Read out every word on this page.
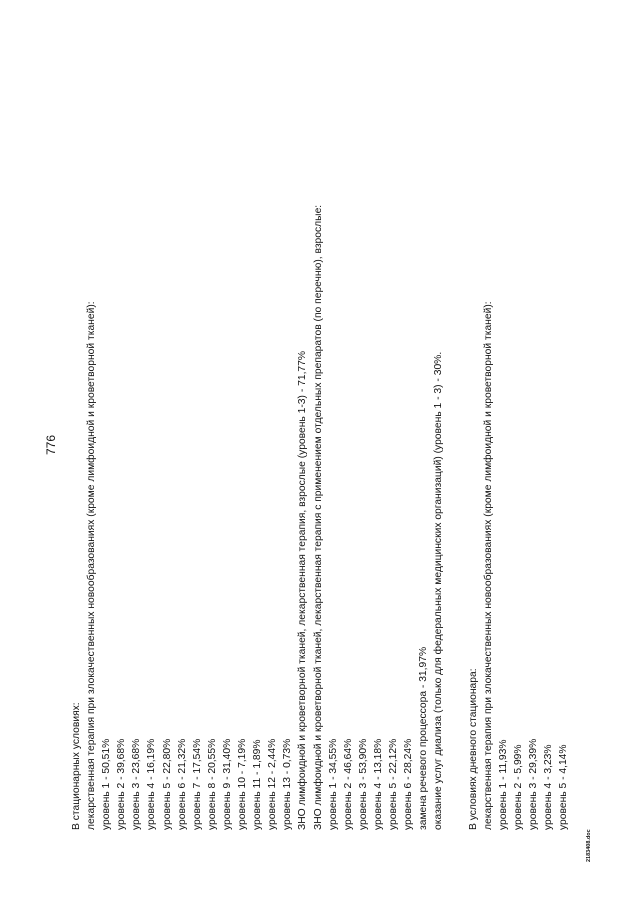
776
В стационарных условиях: лекарственная терапия при злокачественных новообразованиях (кроме лимфоидной и кроветворной тканей): уровень 1 - 50,51% уровень 2 - 39,68% уровень 3 - 23,68% уровень 4 - 16,19% уровень 5 - 22,80% уровень 6 - 21,32% уровень 7 - 17,54% уровень 8 - 20,55% уровень 9 - 31,40% уровень 10 - 7,19% уровень 11 - 1,89% уровень 12 - 2,44% уровень 13 - 0,73% ЗНО лимфоидной и кроветворной тканей, лекарственная терапия, взрослые (уровень 1-3) - 71,77% ЗНО лимфоидной и кроветворной тканей, лекарственная терапия с применением отдельных препаратов (по перечню), взрослые: уровень 1 - 34,55% уровень 2 - 46,64% уровень 3 - 53,90% уровень 4 - 13,18% уровень 5 - 22,12% уровень 6 - 28,24% замена речевого процессора - 31,97% оказание услуг диализа (только для федеральных медицинских организаций) (уровень 1 - 3) - 30%. В условиях дневного стационара: лекарственная терапия при злокачественных новообразованиях (кроме лимфоидной и кроветворной тканей): уровень 1 - 11,93% уровень 2 - 5,99% уровень 3 - 29,39% уровень 4 - 3,23% уровень 5 - 4,14%
2183408.doc
